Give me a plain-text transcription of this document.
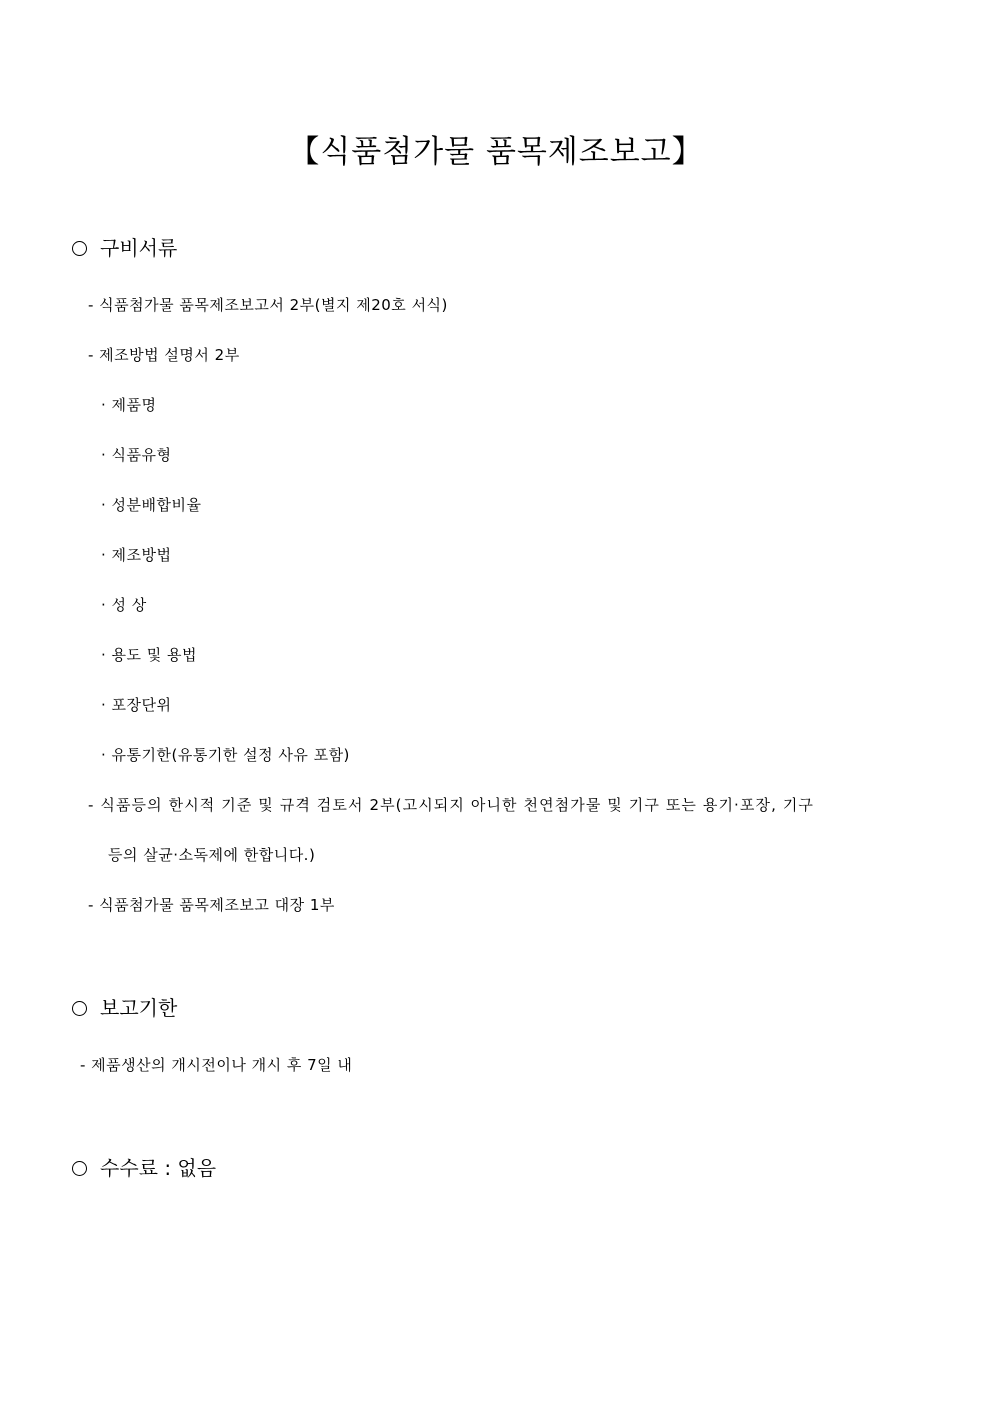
【식품첨가물 품목제조보고】
구비서류
- 식품첨가물 품목제조보고서 2부(별지 제20호 서식)
- 제조방법 설명서 2부
· 제품명
· 식품유형
· 성분배합비율
· 제조방법
· 성 상
· 용도 및 용법
· 포장단위
· 유통기한(유통기한 설정 사유 포함)
- 식품등의 한시적 기준 및 규격 검토서 2부(고시되지 아니한 천연첨가물 및 기구 또는 용기·포장, 기구
등의 살균·소독제에 한합니다.)
- 식품첨가물 품목제조보고 대장 1부
보고기한
- 제품생산의 개시전이나 개시 후 7일 내
수수료 : 없음
